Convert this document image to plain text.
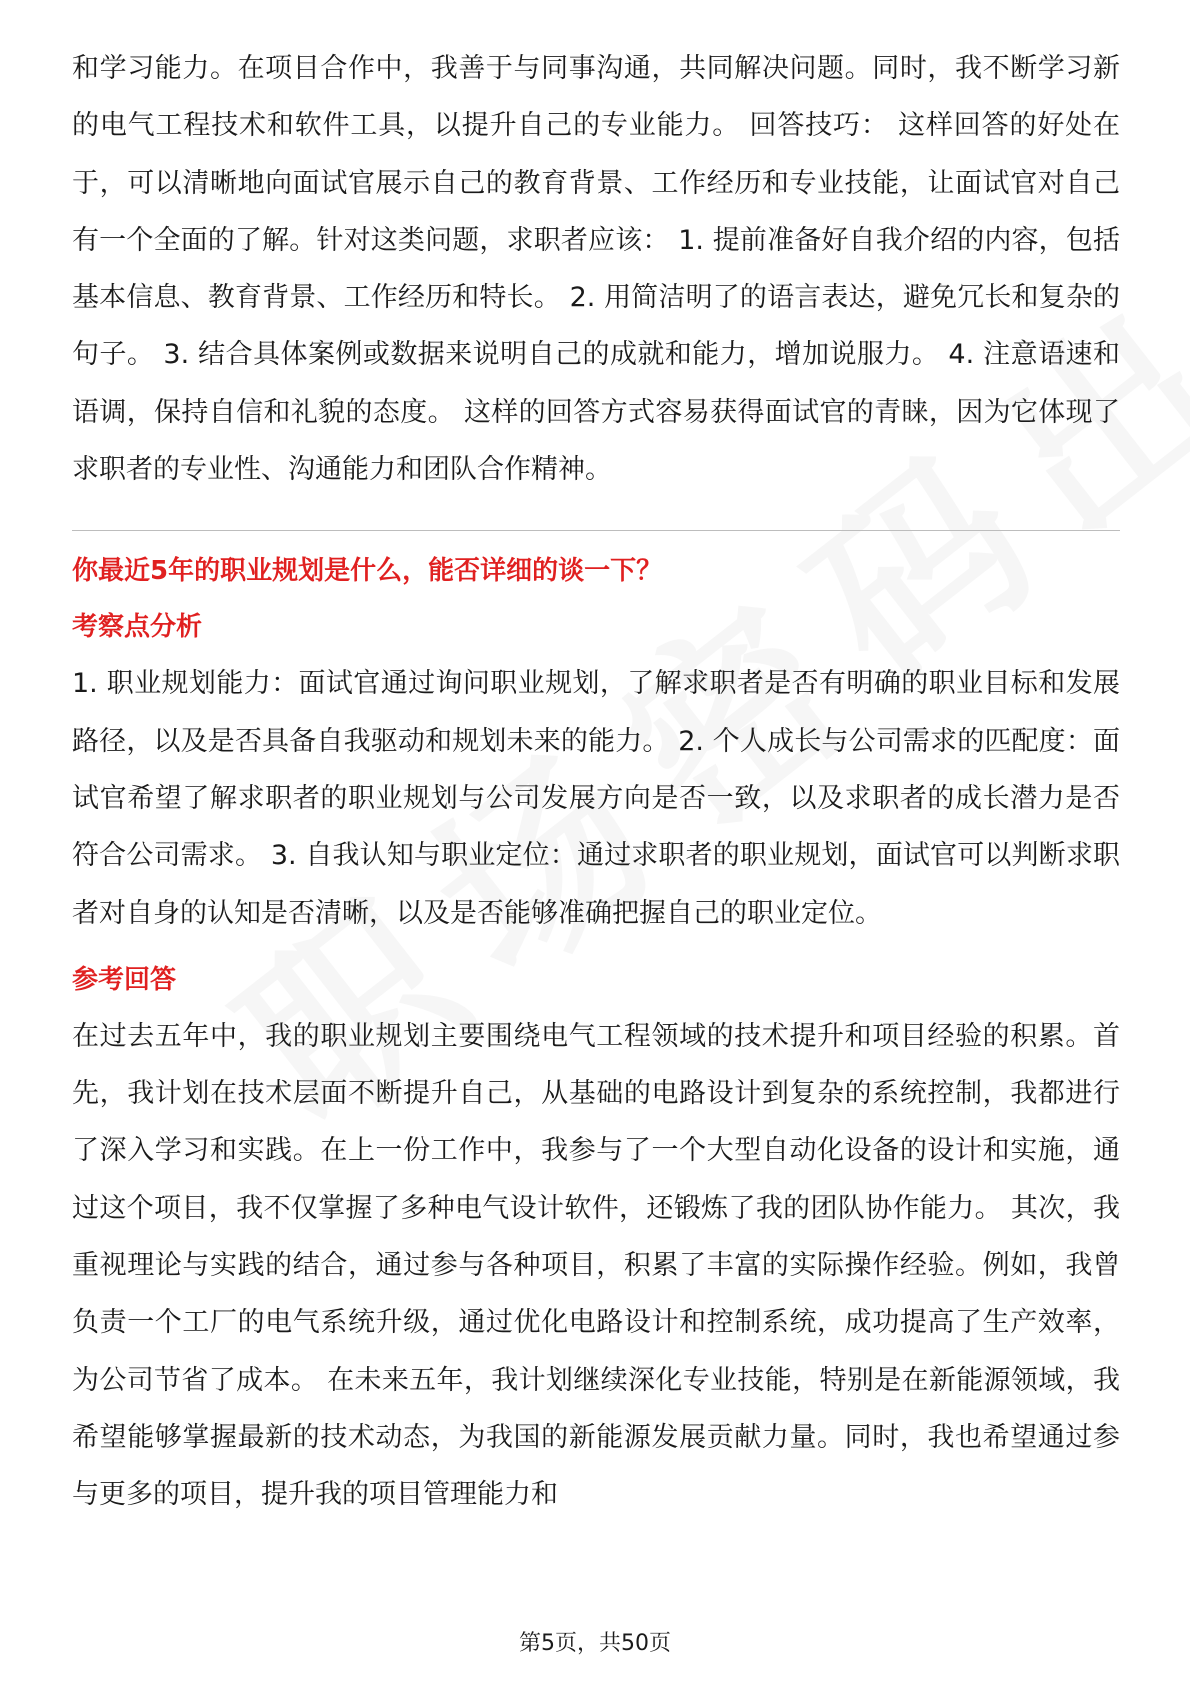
和学习能力。在项目合作中，我善于与同事沟通，共同解决问题。同时，我不断学习新的电气工程技术和软件工具，以提升自己的专业能力。 回答技巧： 这样回答的好处在于，可以清晰地向面试官展示自己的教育背景、工作经历和专业技能，让面试官对自己有一个全面的了解。针对这类问题，求职者应该： 1. 提前准备好自我介绍的内容，包括基本信息、教育背景、工作经历和特长。 2. 用简洁明了的语言表达，避免冗长和复杂的句子。 3. 结合具体案例或数据来说明自己的成就和能力，增加说服力。 4. 注意语速和语调，保持自信和礼貌的态度。 这样的回答方式容易获得面试官的青睐，因为它体现了求职者的专业性、沟通能力和团队合作精神。

你最近5年的职业规划是什么，能否详细的谈一下？
考察点分析

1. 职业规划能力：面试官通过询问职业规划，了解求职者是否有明确的职业目标和发展路径，以及是否具备自我驱动和规划未来的能力。 2. 个人成长与公司需求的匹配度：面试官希望了解求职者的职业规划与公司发展方向是否一致，以及求职者的成长潜力是否符合公司需求。 3. 自我认知与职业定位：通过求职者的职业规划，面试官可以判断求职者对自身的认知是否清晰，以及是否能够准确把握自己的职业定位。

参考回答

在过去五年中，我的职业规划主要围绕电气工程领域的技术提升和项目经验的积累。首先，我计划在技术层面不断提升自己，从基础的电路设计到复杂的系统控制，我都进行了深入学习和实践。在上一份工作中，我参与了一个大型自动化设备的设计和实施，通过这个项目，我不仅掌握了多种电气设计软件，还锻炼了我的团队协作能力。 其次，我重视理论与实践的结合，通过参与各种项目，积累了丰富的实际操作经验。例如，我曾负责一个工厂的电气系统升级，通过优化电路设计和控制系统，成功提高了生产效率，为公司节省了成本。 在未来五年，我计划继续深化专业技能，特别是在新能源领域，我希望能够掌握最新的技术动态，为我国的新能源发展贡献力量。同时，我也希望通过参与更多的项目，提升我的项目管理能力和

第5页，共50页
